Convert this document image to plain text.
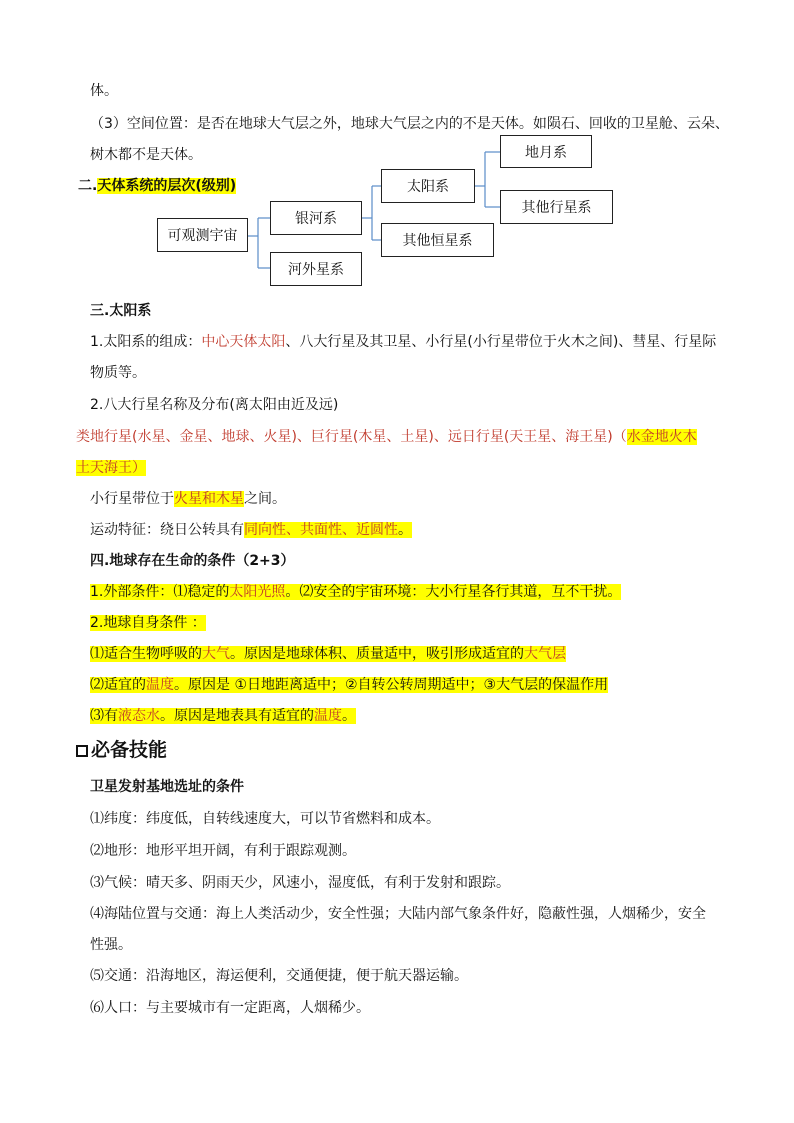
体。
（3）空间位置：是否在地球大气层之外，地球大气层之内的不是天体。如陨石、回收的卫星舱、云朵、
树木都不是天体。
二.天体系统的层次(级别)
可观测宇宙
银河系
河外星系
太阳系
其他恒星系
地月系
其他行星系
三.太阳系
1.太阳系的组成：中心天体太阳、八大行星及其卫星、小行星(小行星带位于火木之间)、彗星、行星际
物质等。
2.八大行星名称及分布(离太阳由近及远)
类地行星(水星、金星、地球、火星)、巨行星(木星、土星)、远日行星(天王星、海王星)（水金地火木
土天海王）
小行星带位于火星和木星之间。
运动特征：绕日公转具有同向性、共面性、近圆性。
四.地球存在生命的条件（2+3）
1.外部条件：⑴稳定的太阳光照。⑵安全的宇宙环境：大小行星各行其道，互不干扰。
2.地球自身条件 ：
⑴适合生物呼吸的大气。原因是地球体积、质量适中，吸引形成适宜的大气层
⑵适宜的温度。原因是 ①日地距离适中；②自转公转周期适中；③大气层的保温作用
⑶有液态水。原因是地表具有适宜的温度。
必备技能
卫星发射基地选址的条件
⑴纬度：纬度低，自转线速度大，可以节省燃料和成本。
⑵地形：地形平坦开阔，有利于跟踪观测。
⑶气候：晴天多、阴雨天少，风速小，湿度低，有利于发射和跟踪。
⑷海陆位置与交通：海上人类活动少，安全性强；大陆内部气象条件好，隐蔽性强，人烟稀少，安全
性强。
⑸交通：沿海地区，海运便利，交通便捷，便于航天器运输。
⑹人口：与主要城市有一定距离，人烟稀少。
